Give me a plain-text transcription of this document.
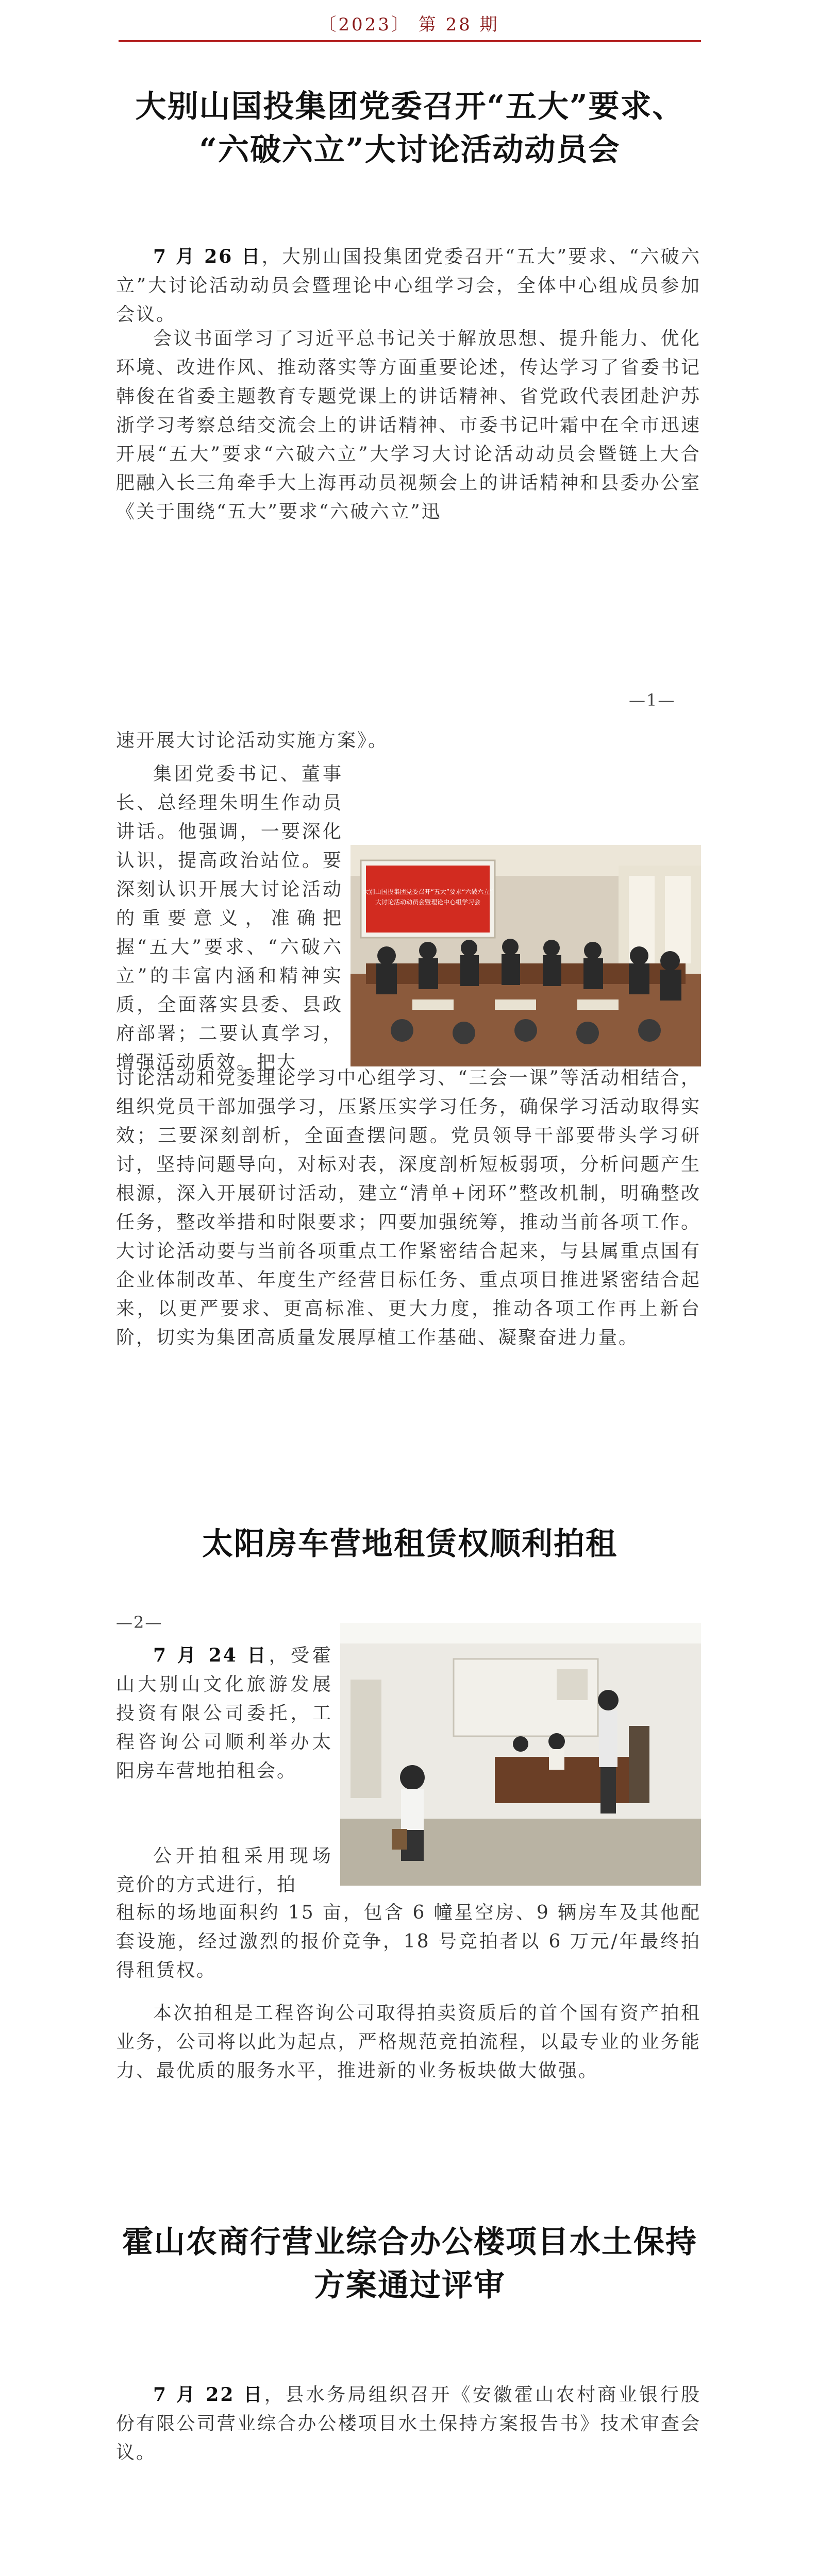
〔2023〕 第 28 期
大别山国投集团党委召开“五大”要求、
“六破六立”大讨论活动动员会
7 月 26 日，大别山国投集团党委召开“五大”要求、“六破六立”大讨论活动动员会暨理论中心组学习会，全体中心组成员参加会议。
会议书面学习了习近平总书记关于解放思想、提升能力、优化环境、改进作风、推动落实等方面重要论述，传达学习了省委书记韩俊在省委主题教育专题党课上的讲话精神、省党政代表团赴沪苏浙学习考察总结交流会上的讲话精神、市委书记叶霜中在全市迅速开展“五大”要求“六破六立”大学习大讨论活动动员会暨链上大合肥融入长三角牵手大上海再动员视频会上的讲话精神和县委办公室《关于围绕“五大”要求“六破六立”迅
—1—
速开展大讨论活动实施方案》。
集团党委书记、董事长、总经理朱明生作动员讲话。他强调，一要深化认识，提高政治站位。要深刻认识开展大讨论活动的重要意义，准确把握“五大”要求、“六破六立”的丰富内涵和精神实质，全面落实县委、县政府部署；二要认真学习，增强活动质效。把大
大别山国投集团党委召开“五大”要求“六破六立”
大讨论活动动员会暨理论中心组学习会
讨论活动和党委理论学习中心组学习、“三会一课”等活动相结合，组织党员干部加强学习，压紧压实学习任务，确保学习活动取得实效；三要深刻剖析，全面查摆问题。党员领导干部要带头学习研讨，坚持问题导向，对标对表，深度剖析短板弱项，分析问题产生根源，深入开展研讨活动，建立“清单+闭环”整改机制，明确整改任务，整改举措和时限要求；四要加强统筹，推动当前各项工作。大讨论活动要与当前各项重点工作紧密结合起来，与县属重点国有企业体制改革、年度生产经营目标任务、重点项目推进紧密结合起来，以更严要求、更高标准、更大力度，推动各项工作再上新台阶，切实为集团高质量发展厚植工作基础、凝聚奋进力量。
太阳房车营地租赁权顺利拍租
—2—
7 月 24 日，受霍山大别山文化旅游发展投资有限公司委托，工程咨询公司顺利举办太阳房车营地拍租会。
公开拍租采用现场竞价的方式进行，拍
租标的场地面积约 15 亩，包含 6 幢星空房、9 辆房车及其他配套设施，经过激烈的报价竞争，18 号竞拍者以 6 万元/年最终拍得租赁权。
本次拍租是工程咨询公司取得拍卖资质后的首个国有资产拍租业务，公司将以此为起点，严格规范竞拍流程，以最专业的业务能力、最优质的服务水平，推进新的业务板块做大做强。
霍山农商行营业综合办公楼项目水土保持
方案通过评审
7 月 22 日，县水务局组织召开《安徽霍山农村商业银行股份有限公司营业综合办公楼项目水土保持方案报告书》技术审查会议。
